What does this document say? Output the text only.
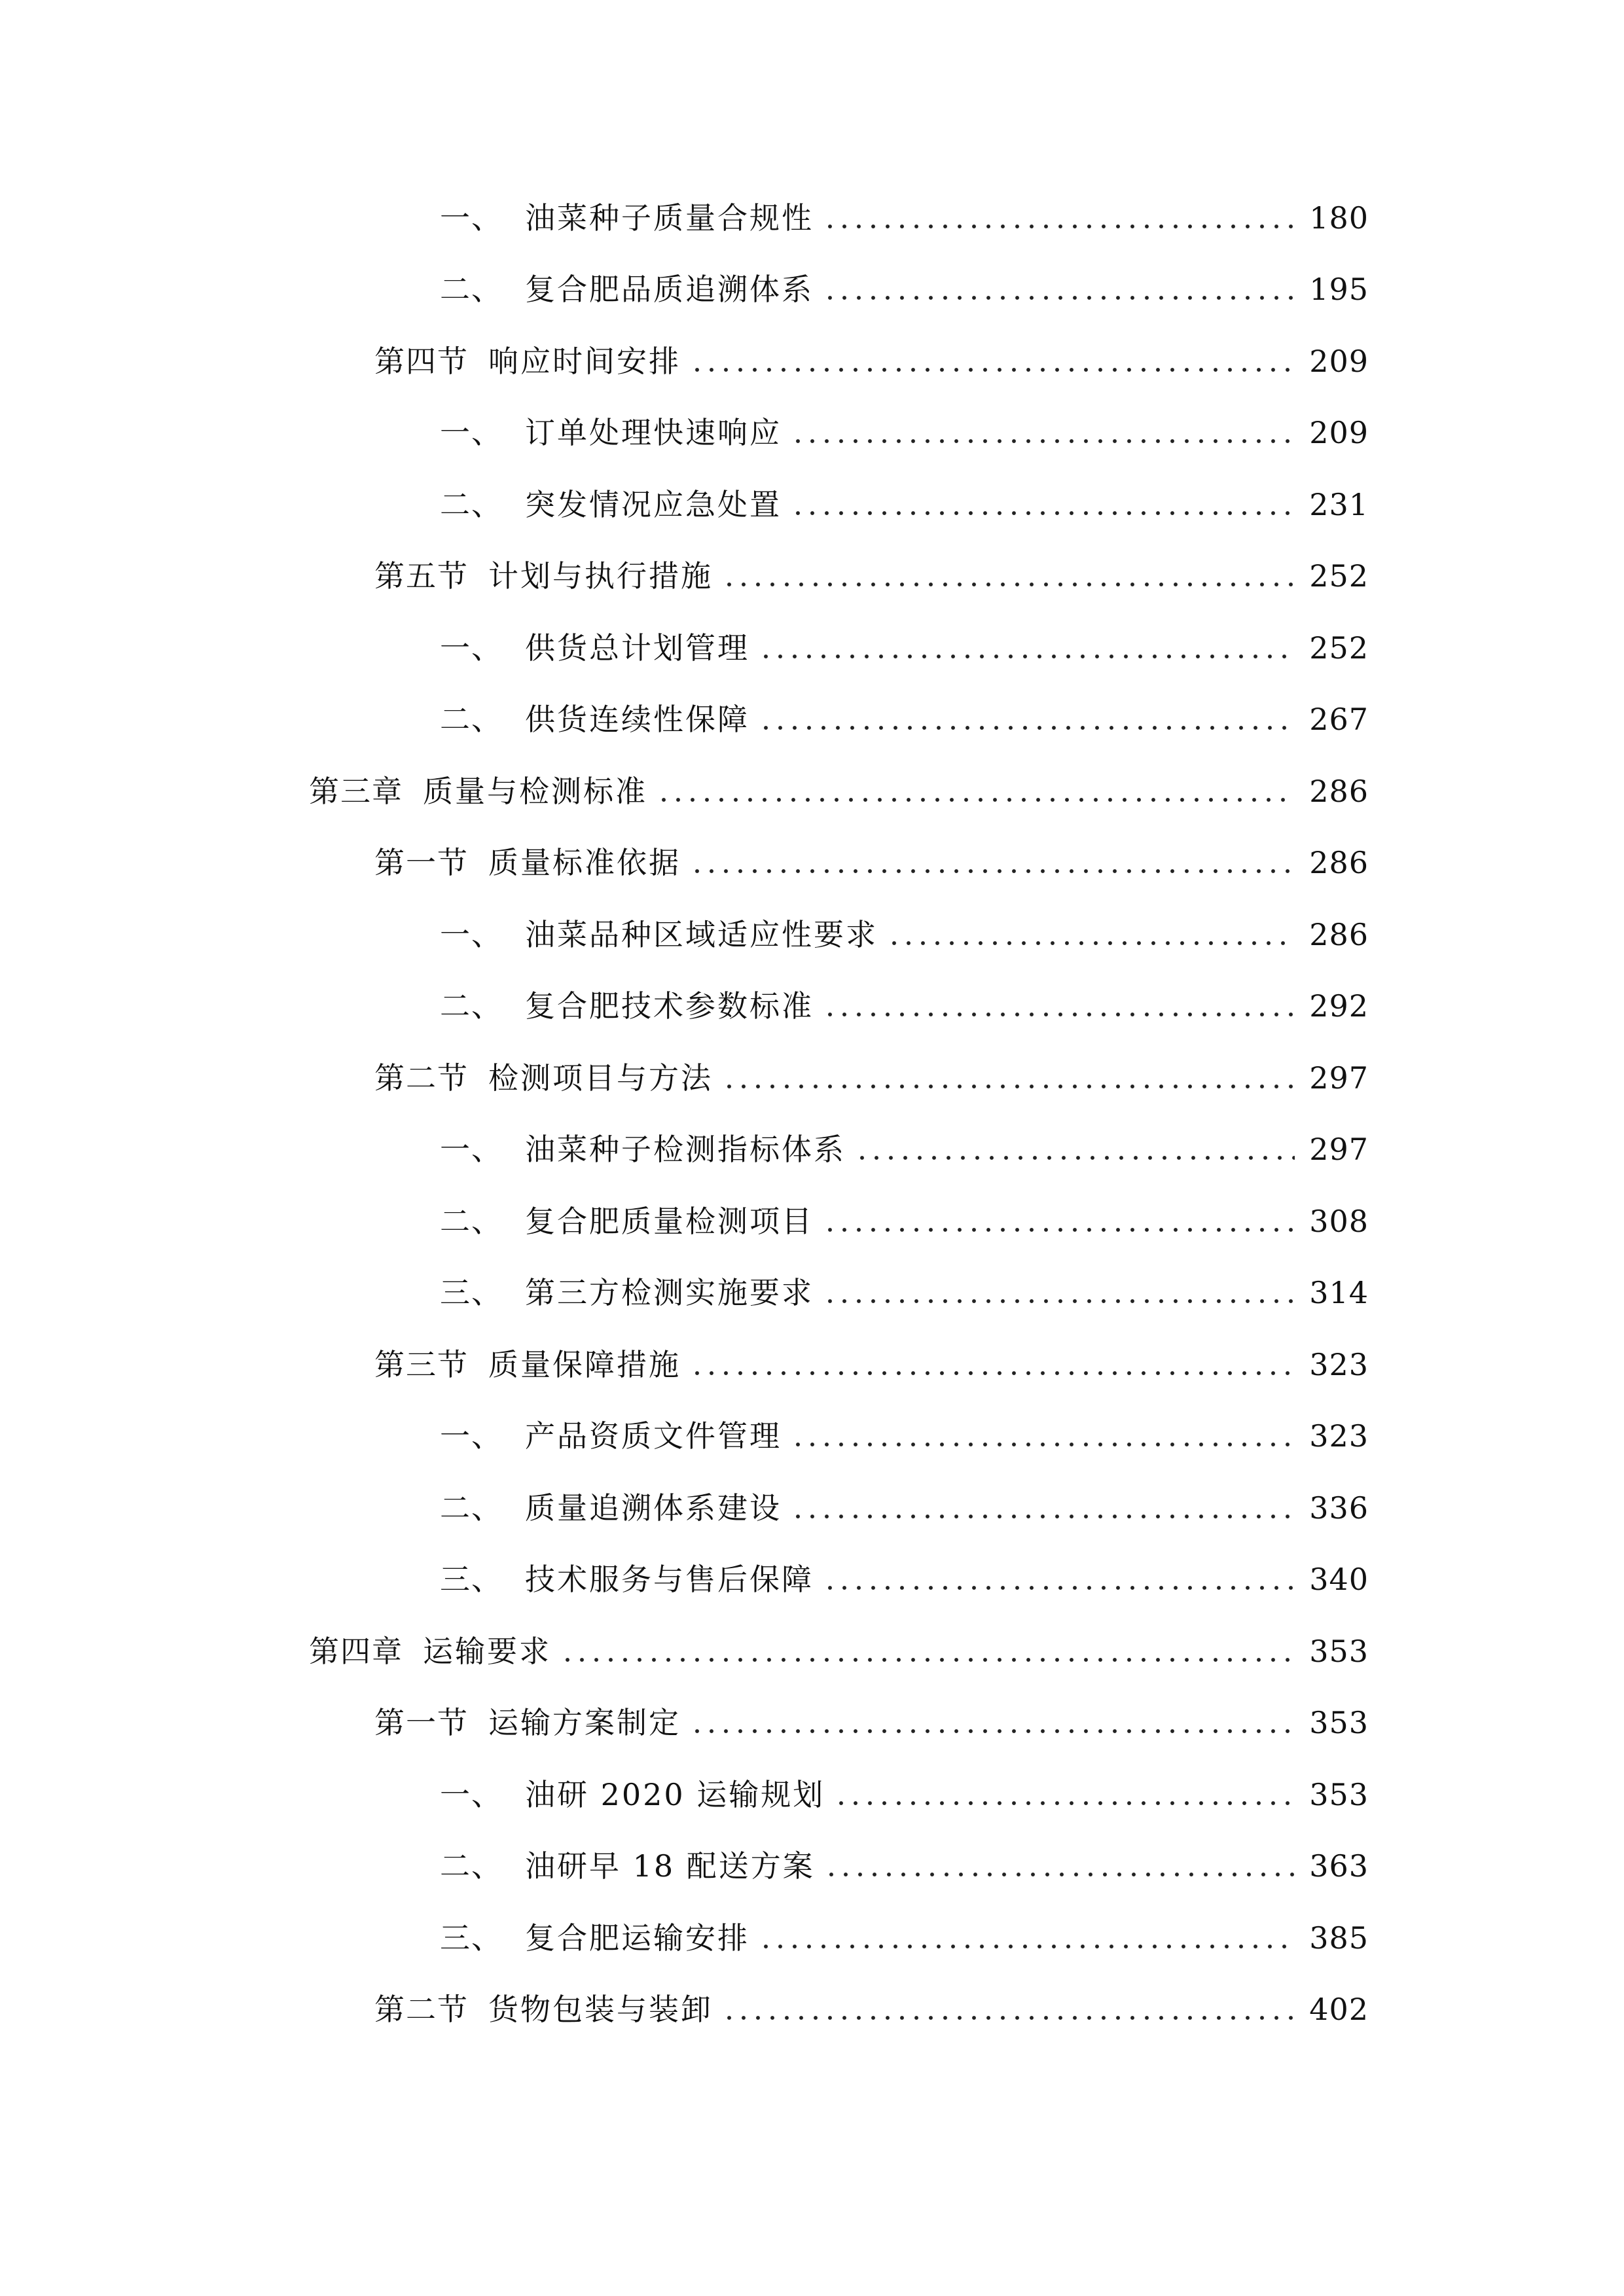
一、 油菜种子质量合规性	180
二、 复合肥品质追溯体系	195
第四节 响应时间安排	209
一、 订单处理快速响应	209
二、 突发情况应急处置	231
第五节 计划与执行措施	252
一、 供货总计划管理	252
二、 供货连续性保障	267
第三章 质量与检测标准	286
第一节 质量标准依据	286
一、 油菜品种区域适应性要求	286
二、 复合肥技术参数标准	292
第二节 检测项目与方法	297
一、 油菜种子检测指标体系	297
二、 复合肥质量检测项目	308
三、 第三方检测实施要求	314
第三节 质量保障措施	323
一、 产品资质文件管理	323
二、 质量追溯体系建设	336
三、 技术服务与售后保障	340
第四章 运输要求	353
第一节 运输方案制定	353
一、 油研 2020 运输规划	353
二、 油研早 18 配送方案	363
三、 复合肥运输安排	385
第二节 货物包装与装卸	402
